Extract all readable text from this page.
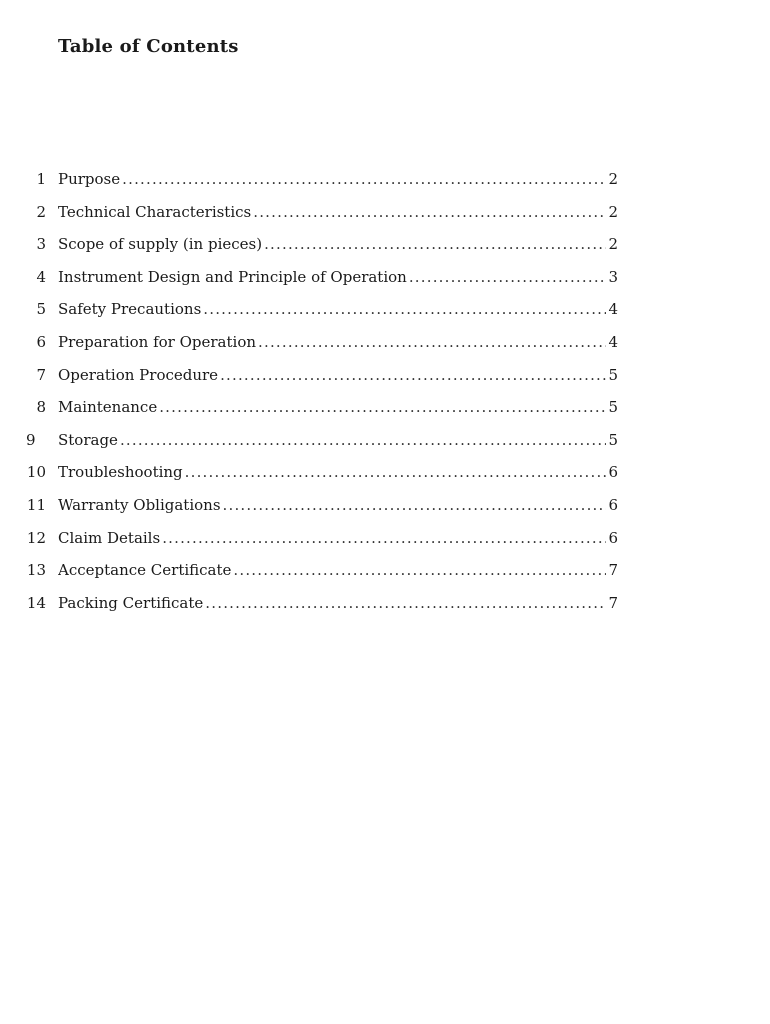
Table of Contents
1 Purpose .....	2
2 Technical Characteristics .....	2
3 Scope of supply (in pieces) .....	2
4 Instrument Design and Principle of Operation .....	3
5 Safety Precautions .....	4
6 Preparation for Operation .....	4
7 Operation Procedure .....	5
8 Maintenance .....	5
9	Storage .....	5
10 Troubleshooting .....	6
11 Warranty Obligations .....	6
12 Claim Details .....	6
13 Acceptance Certificate .....	7
14 Packing Certificate .....	7
